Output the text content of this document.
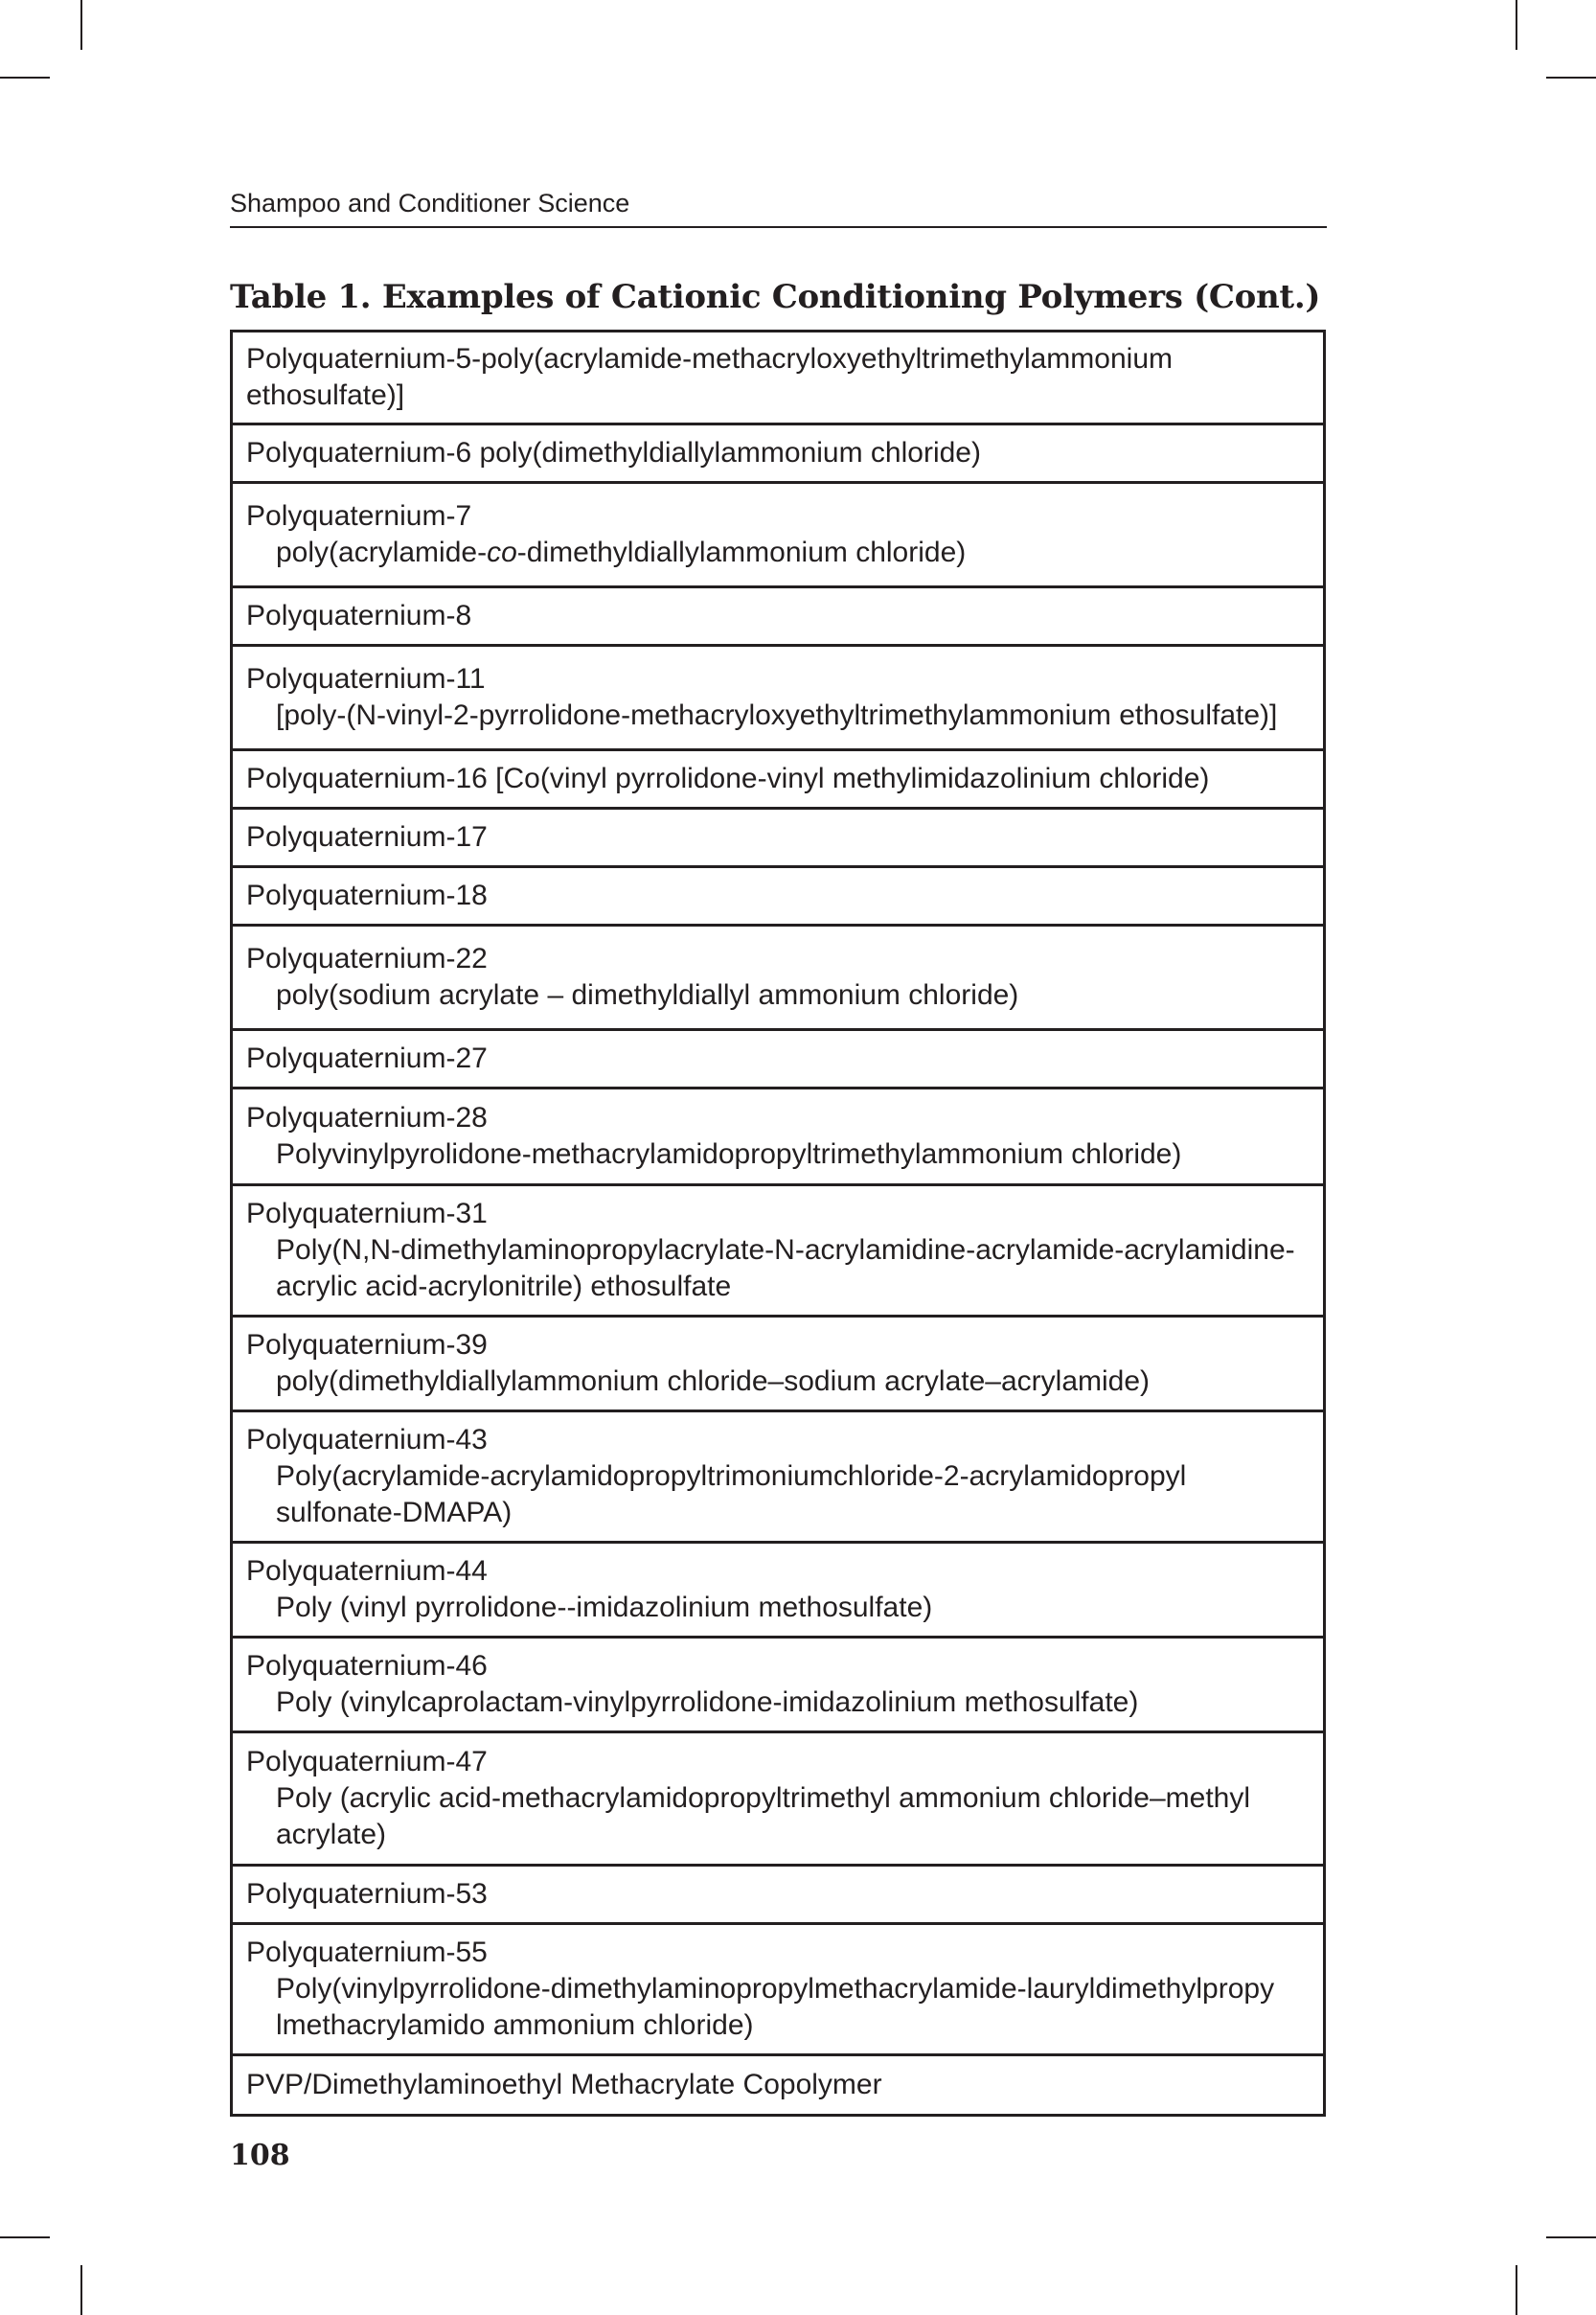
Shampoo and Conditioner Science
Table 1. Examples of Cationic Conditioning Polymers (Cont.)
Polyquaternium-5-poly(acrylamide-methacryloxyethyltrimethylammonium ethosulfate)]
Polyquaternium-6 poly(dimethyldiallylammonium chloride)
Polyquaternium-7
poly(acrylamide-co-dimethyldiallylammonium chloride)
Polyquaternium-8
Polyquaternium-11
[poly-(N-vinyl-2-pyrrolidone-methacryloxyethyltrimethylammonium ethosulfate)]
Polyquaternium-16 [Co(vinyl pyrrolidone-vinyl methylimidazolinium chloride)
Polyquaternium-17
Polyquaternium-18
Polyquaternium-22
poly(sodium acrylate – dimethyldiallyl ammonium chloride)
Polyquaternium-27
Polyquaternium-28
Polyvinylpyrolidone-methacrylamidopropyltrimethylammonium chloride)
Polyquaternium-31
Poly(N,N-dimethylaminopropylacrylate-N-acrylamidine-acrylamide-acrylamidine-acrylic acid-acrylonitrile) ethosulfate
Polyquaternium-39
poly(dimethyldiallylammonium chloride–sodium acrylate–acrylamide)
Polyquaternium-43
Poly(acrylamide-acrylamidopropyltrimoniumchloride-2-acrylamidopropyl sulfonate-DMAPA)
Polyquaternium-44
Poly (vinyl pyrrolidone--imidazolinium methosulfate)
Polyquaternium-46
Poly (vinylcaprolactam-vinylpyrrolidone-imidazolinium methosulfate)
Polyquaternium-47
Poly (acrylic acid-methacrylamidopropyltrimethyl ammonium chloride–methyl acrylate)
Polyquaternium-53
Polyquaternium-55
Poly(vinylpyrrolidone-dimethylaminopropylmethacrylamide-lauryldimethylpropy lmethacrylamido ammonium chloride)
PVP/Dimethylaminoethyl Methacrylate Copolymer
108
